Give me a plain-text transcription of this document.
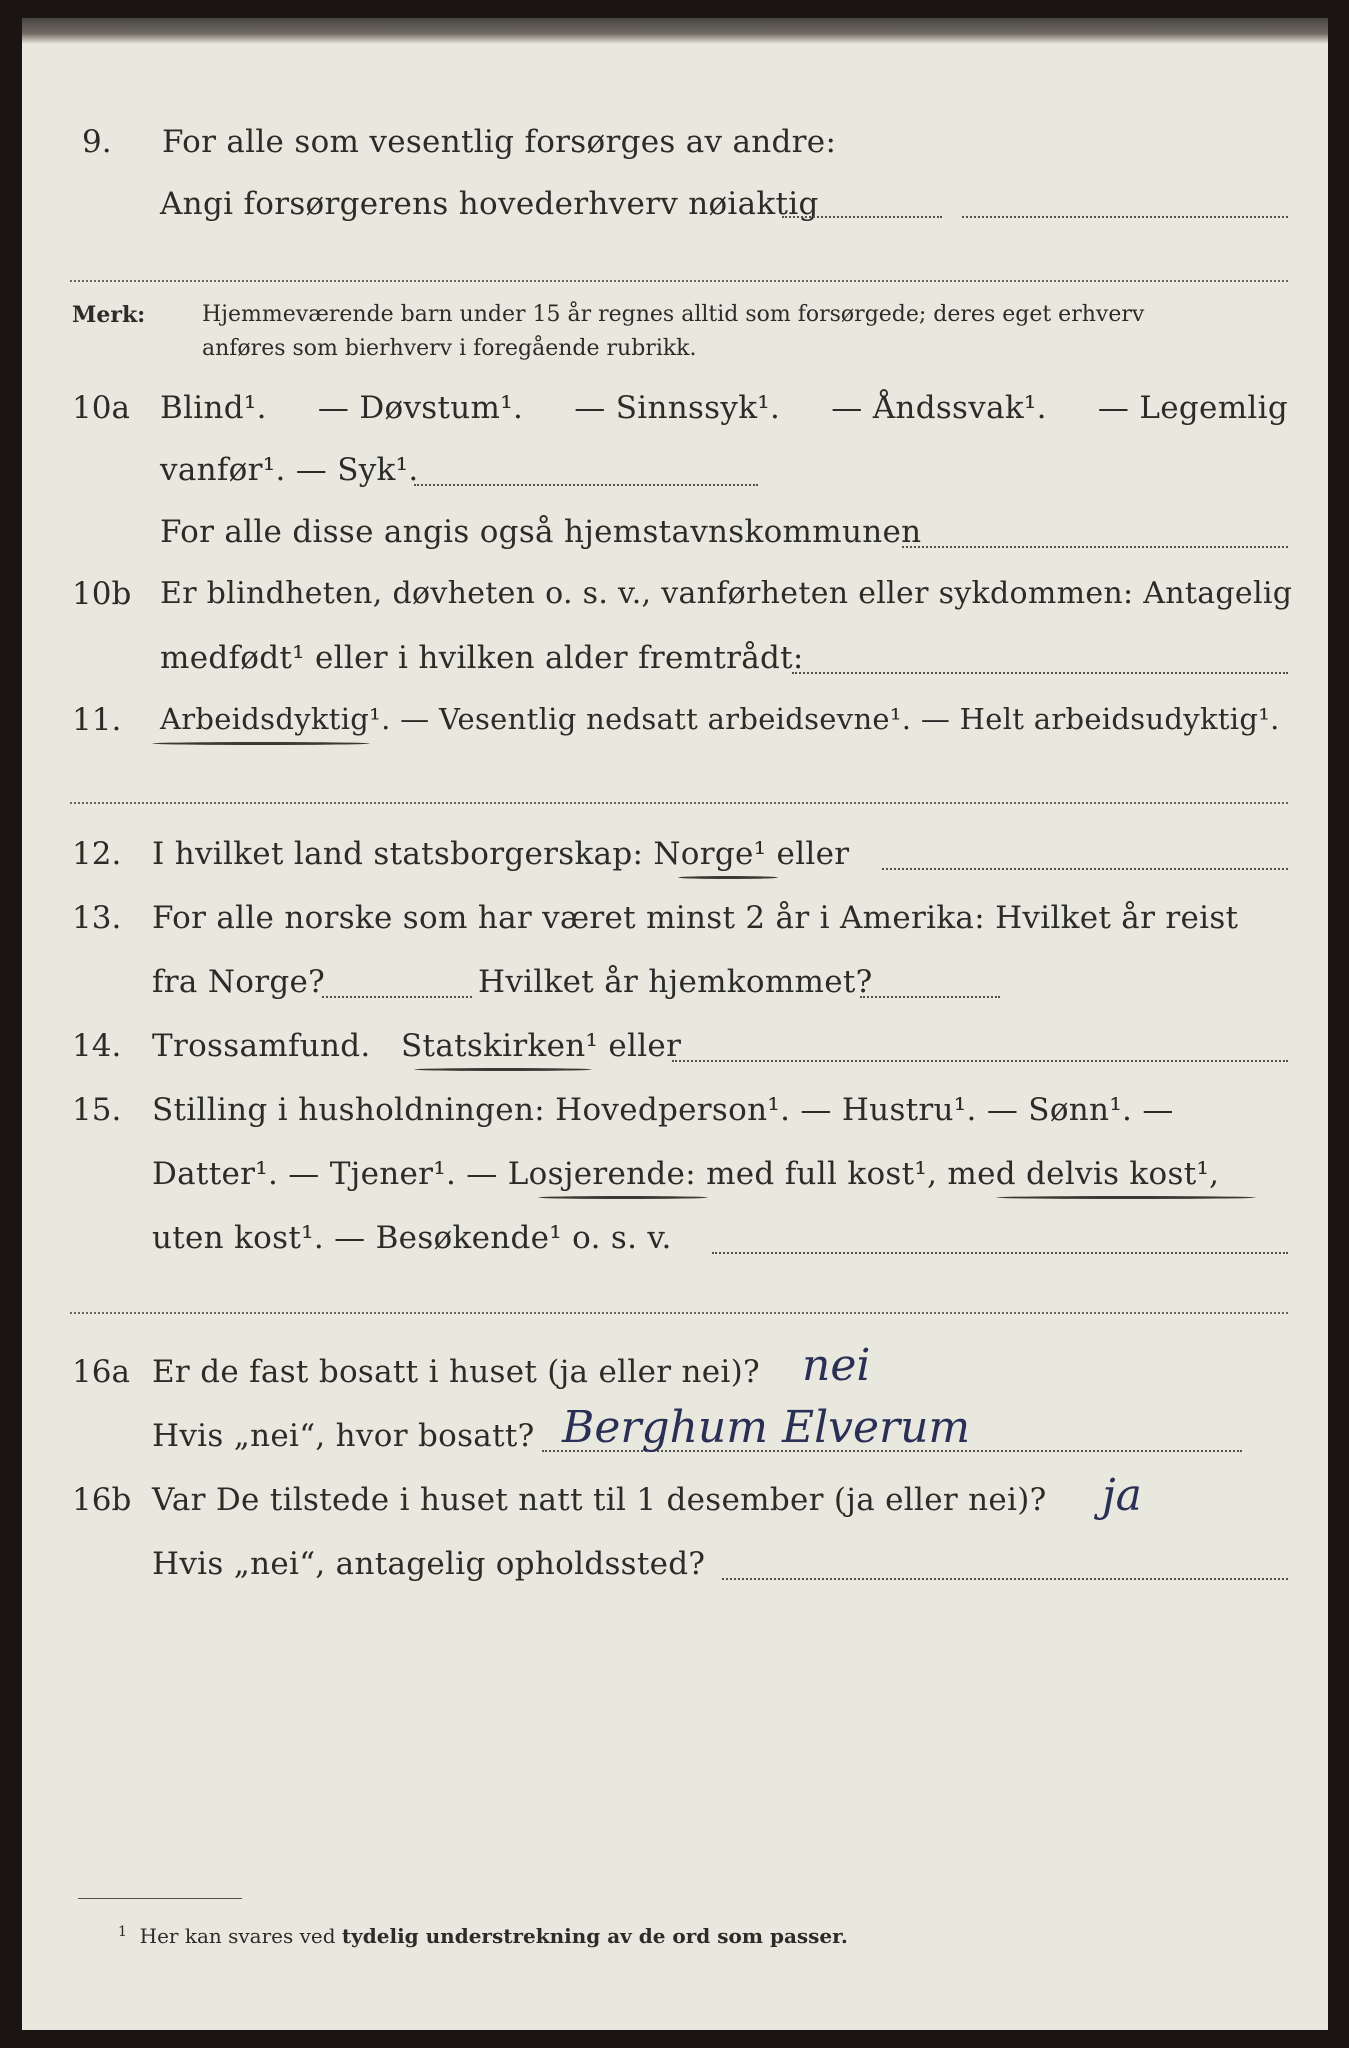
9. For alle som vesentlig forsørges av andre:
Angi forsørgerens hovederhverv nøiaktig
Merk:	Hjemmeværende barn under 15 år regnes alltid som forsørgede; deres eget erhverv
anføres som bierhverv i foregående rubrikk.
10a Blind¹. — Døvstum¹. — Sinnssyk¹. — Åndssvak¹. — Legemlig
vanfør¹. — Syk¹.
For alle disse angis også hjemstavnskommunen
10b Er blindheten, døvheten o. s. v., vanførheten eller sykdommen: Antagelig
medfødt¹ eller i hvilken alder fremtrådt:
11. Arbeidsdyktig¹. — Vesentlig nedsatt arbeidsevne¹. — Helt arbeidsudyktig¹.
12. I hvilket land statsborgerskap: Norge¹ eller
13. For alle norske som har været minst 2 år i Amerika: Hvilket år reist
fra Norge?	Hvilket år hjemkommet?
14. Trossamfund.   Statskirken¹ eller
15. Stilling i husholdningen: Hovedperson¹. — Hustru¹. — Sønn¹. —
Datter¹. — Tjener¹. — Losjerende: med full kost¹, med delvis kost¹,
uten kost¹. — Besøkende¹ o. s. v.
16a Er de fast bosatt i huset (ja eller nei)? nei
Hvis „nei“, hvor bosatt? Berghum Elverum
16b Var De tilstede i huset natt til 1 desember (ja eller nei)? ja
Hvis „nei“, antagelig opholdssted?
$^1$ Her kan svares ved tydelig understrekning av de ord som passer.
